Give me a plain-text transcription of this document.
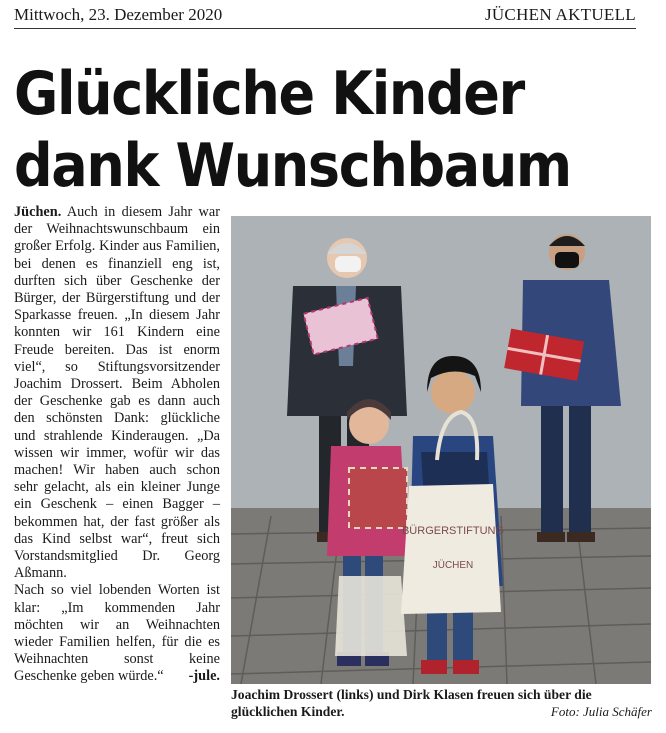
Mittwoch, 23. Dezember 2020	JÜCHEN AKTUELL
Glückliche Kinder
dank Wunschbaum

Jüchen. Auch in diesem Jahr war der Weihnachtswunschbaum ein großer Erfolg. Kinder aus Familien, bei denen es finanziell eng ist, durften sich über Geschenke der Bürger, der Bürgerstiftung und der Sparkasse freuen. „In diesem Jahr konnten wir 161 Kindern eine Freude bereiten. Das ist enorm viel“, so Stiftungsvorsitzender Joachim Drossert. Beim Abholen der Geschenke gab es dann auch den schönsten Dank: glückliche und strahlende Kinderaugen. „Da wissen wir immer, wofür wir das machen! Wir haben auch schon sehr gelacht, als ein kleiner Junge ein Geschenk – einen Bagger – bekommen hat, der fast größer als das Kind selbst war“, freut sich Vorstandsmitglied Dr. Georg Aßmann.

Nach so viel lobenden Worten ist klar: „Im kommenden Jahr möchten wir an Weihnachten wieder Familien helfen, für die es Weihnachten sonst keine Geschenke geben würde.“ -jule.

BÜRGERSTIFTUNG
JÜCHEN
Joachim Drossert (links) und Dirk Klasen freuen sich über die glücklichen Kinder.	Foto: Julia Schäfer
